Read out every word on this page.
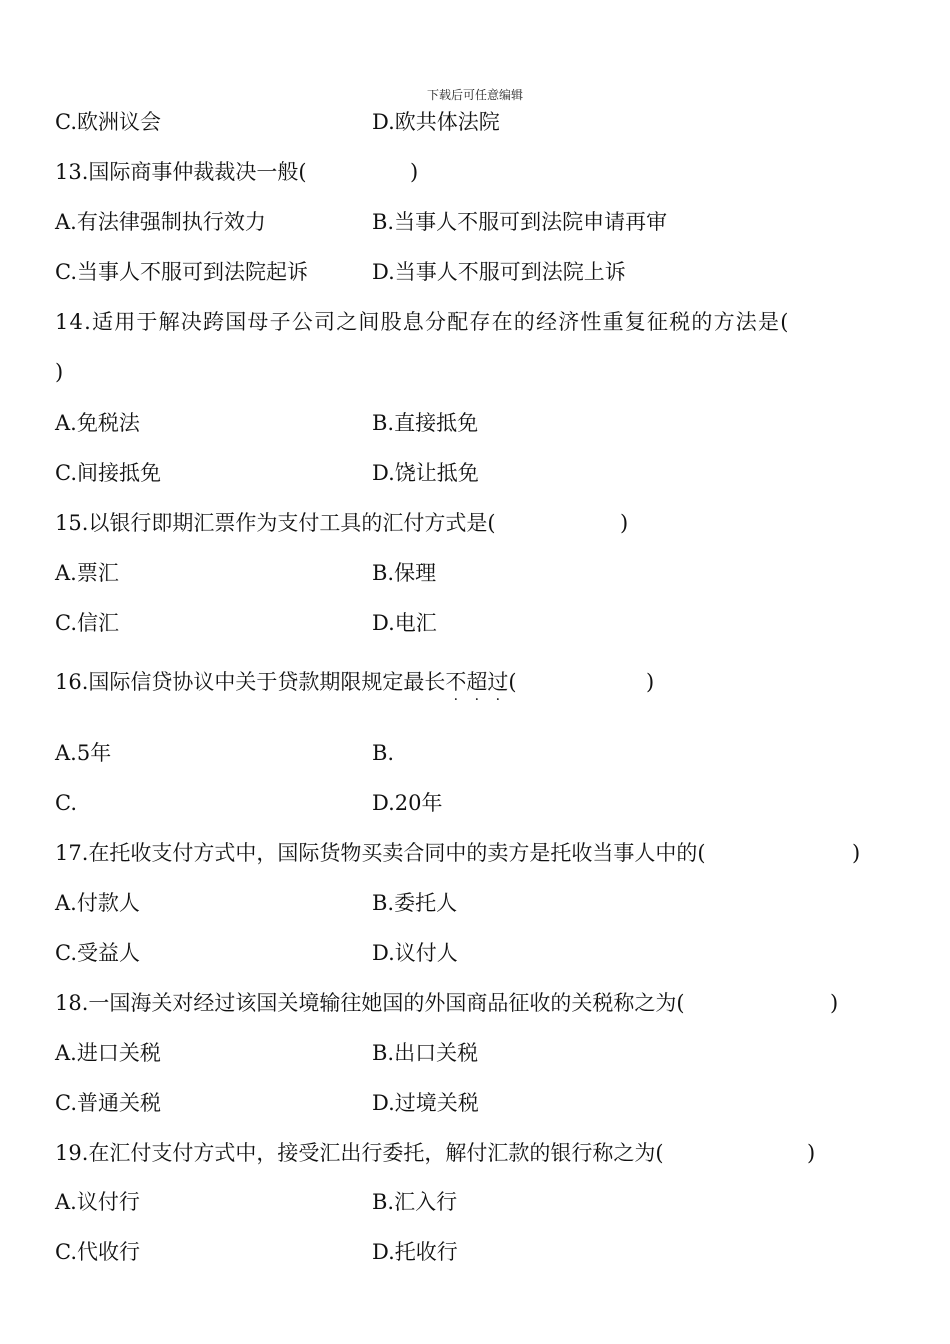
下载后可任意编辑
C.欧洲议会	D.欧共体法院
13.国际商事仲裁裁决一般(	)
A.有法律强制执行效力	B.当事人不服可到法院申请再审
C.当事人不服可到法院起诉	D.当事人不服可到法院上诉
14.适用于解决跨国母子公司之间股息分配存在的经济性重复征税的方法是(
)
A.免税法	B.直接抵免
C.间接抵免	D.饶让抵免
15.以银行即期汇票作为支付工具的汇付方式是(	)
A.票汇	B.保理
C.信汇	D.电汇
16.国际信贷协议中关于贷款期限规定最长不
·
超
·
过
·
(	)
A.5年	B.
C.	D.20年
17.在托收支付方式中，国际货物买卖合同中的卖方是托收当事人中的(	)
A.付款人	B.委托人
C.受益人	D.议付人
18.一国海关对经过该国关境输往她国的外国商品征收的关税称之为(	)
A.进口关税	B.出口关税
C.普通关税	D.过境关税
19.在汇付支付方式中，接受汇出行委托，解付汇款的银行称之为(	)
A.议付行	B.汇入行
C.代收行	D.托收行
